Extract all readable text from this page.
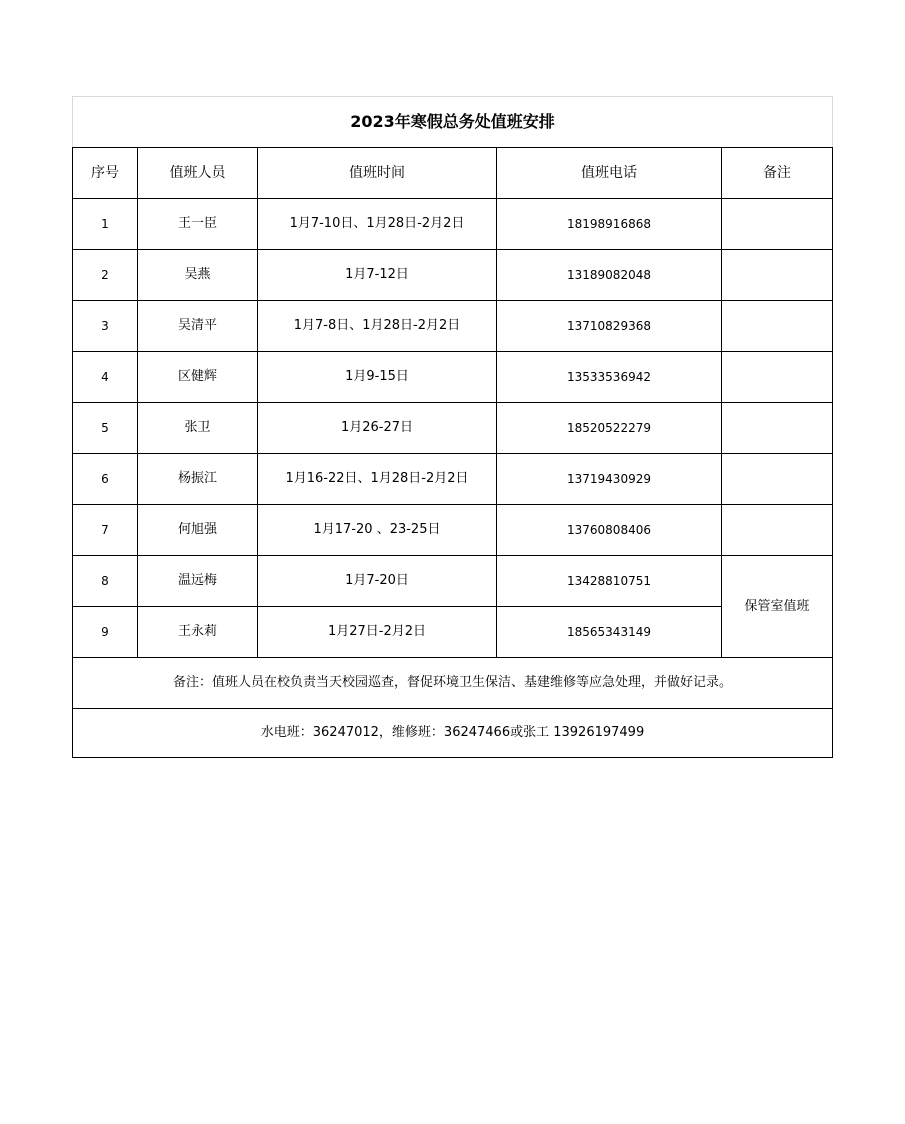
2023年寒假总务处值班安排				
序号	值班人员	值班时间	值班电话	备注
1	王一臣	1月7-10日、1月28日-2月2日	18198916868	
2	吴燕	1月7-12日	13189082048	
3	吴清平	1月7-8日、1月28日-2月2日	13710829368	
4	区健辉	1月9-15日	13533536942	
5	张卫	1月26-27日	18520522279	
6	杨振江	1月16-22日、1月28日-2月2日	13719430929	
7	何旭强	1月17-20 、23-25日	13760808406	
8	温远梅	1月7-20日	13428810751	保管室值班
9	王永莉	1月27日-2月2日	18565343149	
备注：值班人员在校负责当天校园巡查，督促环境卫生保洁、基建维修等应急处理，并做好记录。				
水电班：36247012，维修班：36247466或张工 13926197499				
